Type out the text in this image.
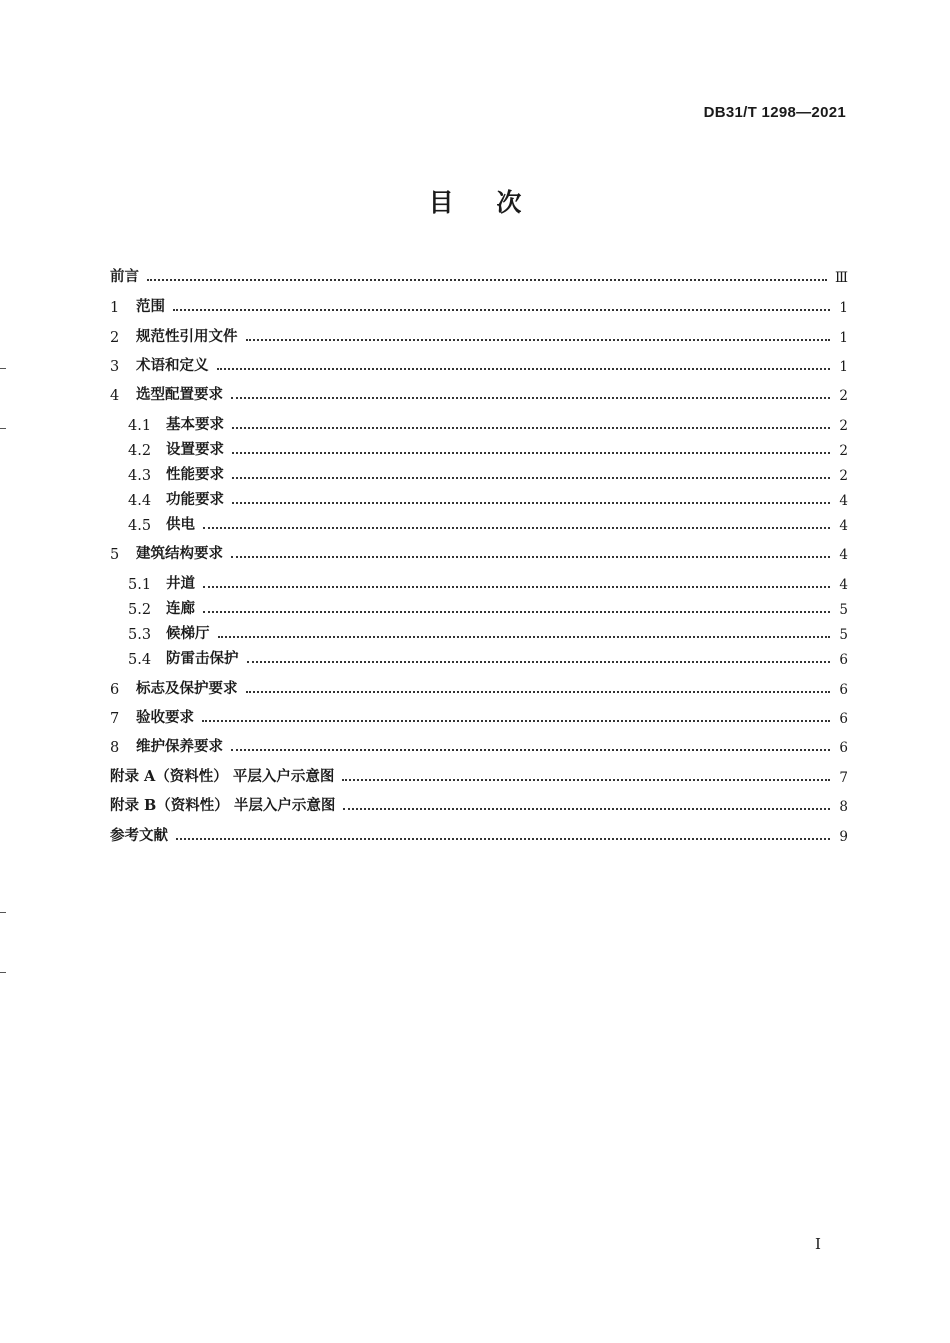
DB31/T 1298—2021
目 次
前言	Ⅲ
1	范围	1
2	规范性引用文件	1
3	术语和定义	1
4	选型配置要求	2
4.1	基本要求	2
4.2	设置要求	2
4.3	性能要求	2
4.4	功能要求	4
4.5	供电	4
5	建筑结构要求	4
5.1	井道	4
5.2	连廊	5
5.3	候梯厅	5
5.4	防雷击保护	6
6	标志及保护要求	6
7	验收要求	6
8	维护保养要求	6
附录 A（资料性） 平层入户示意图	7
附录 B（资料性） 半层入户示意图	8
参考文献	9
I
